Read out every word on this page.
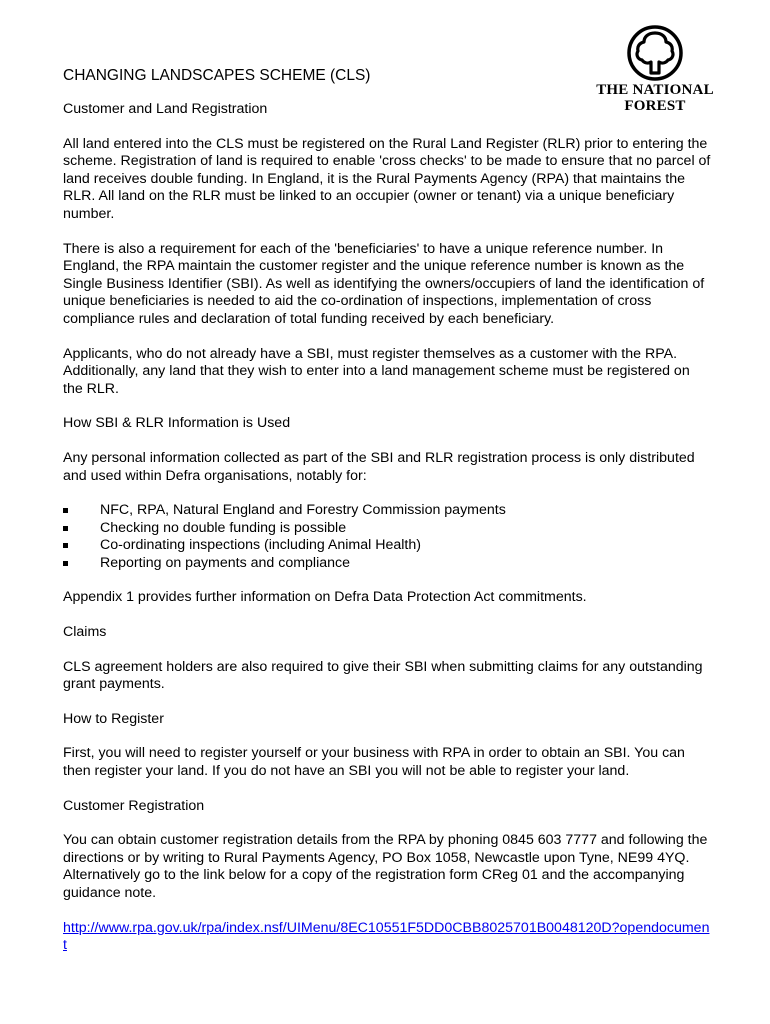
THE NATIONAL
FOREST
CHANGING LANDSCAPES SCHEME (CLS)
Customer and Land Registration

All land entered into the CLS must be registered on the Rural Land Register (RLR) prior to entering the scheme. Registration of land is required to enable 'cross checks' to be made to ensure that no parcel of land receives double funding. In England, it is the Rural Payments Agency (RPA) that maintains the RLR. All land on the RLR must be linked to an occupier (owner or tenant) via a unique beneficiary number.

There is also a requirement for each of the 'beneficiaries' to have a unique reference number. In England, the RPA maintain the customer register and the unique reference number is known as the Single Business Identifier (SBI). As well as identifying the owners/occupiers of land the identification of unique beneficiaries is needed to aid the co-ordination of inspections, implementation of cross compliance rules and declaration of total funding received by each beneficiary.

Applicants, who do not already have a SBI, must register themselves as a customer with the RPA. Additionally, any land that they wish to enter into a land management scheme must be registered on the RLR.

How SBI & RLR Information is Used

Any personal information collected as part of the SBI and RLR registration process is only distributed and used within Defra organisations, notably for:

NFC, RPA, Natural England and Forestry Commission payments
Checking no double funding is possible
Co-ordinating inspections (including Animal Health)
Reporting on payments and compliance

Appendix 1 provides further information on Defra Data Protection Act commitments.

Claims

CLS agreement holders are also required to give their SBI when submitting claims for any outstanding grant payments.

How to Register

First, you will need to register yourself or your business with RPA in order to obtain an SBI. You can then register your land. If you do not have an SBI you will not be able to register your land.

Customer Registration

You can obtain customer registration details from the RPA by phoning 0845 603 7777 and following the directions or by writing to Rural Payments Agency, PO Box 1058, Newcastle upon Tyne, NE99 4YQ. Alternatively go to the link below for a copy of the registration form CReg 01 and the accompanying guidance note.

http://www.rpa.gov.uk/rpa/index.nsf/UIMenu/8EC10551F5DD0CBB8025701B0048120D?opendocument
